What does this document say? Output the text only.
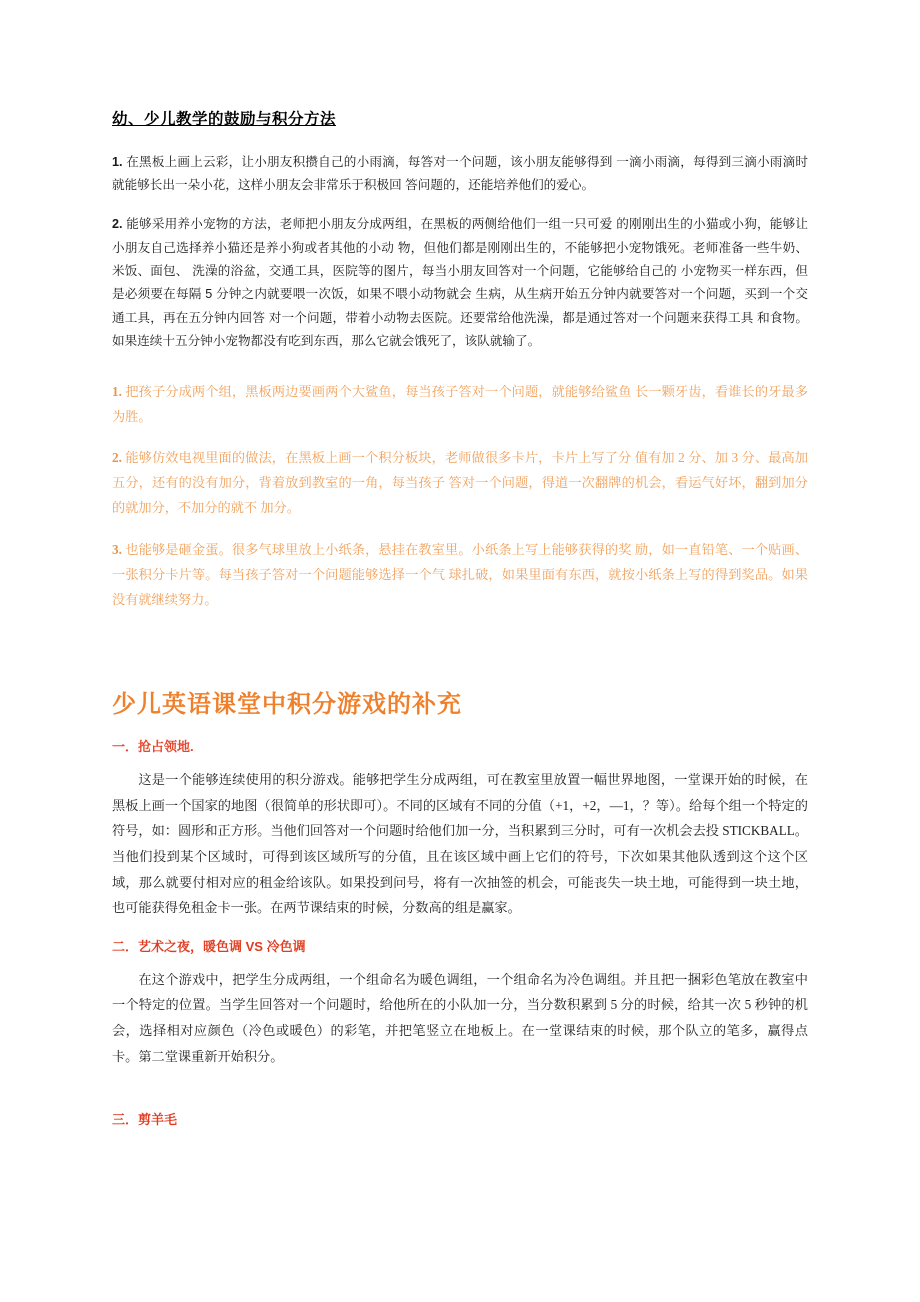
幼、少儿教学的鼓励与积分方法

1. 在黑板上画上云彩，让小朋友积攒自己的小雨滴，每答对一个问题，该小朋友能够得到 一滴小雨滴，每得到三滴小雨滴时就能够长出一朵小花，这样小朋友会非常乐于积极回 答问题的，还能培养他们的爱心。

2. 能够采用养小宠物的方法，老师把小朋友分成两组，在黑板的两侧给他们一组一只可爱 的刚刚出生的小猫或小狗，能够让小朋友自己选择养小猫还是养小狗或者其他的小动 物，但他们都是刚刚出生的，不能够把小宠物饿死。老师准备一些牛奶、米饭、面包、 洗澡的浴盆，交通工具，医院等的图片，每当小朋友回答对一个问题，它能够给自己的 小宠物买一样东西，但是必须要在每隔 5 分钟之内就要喂一次饭，如果不喂小动物就会 生病，从生病开始五分钟内就要答对一个问题，买到一个交通工具，再在五分钟内回答 对一个问题，带着小动物去医院。还要常给他洗澡，都是通过答对一个问题来获得工具 和食物。如果连续十五分钟小宠物都没有吃到东西，那么它就会饿死了，该队就输了。

1. 把孩子分成两个组，黑板两边要画两个大鲨鱼，每当孩子答对一个问题，就能够给鲨鱼 长一颗牙齿，看谁长的牙最多为胜。

2. 能够仿效电视里面的做法，在黑板上画一个积分板块，老师做很多卡片，卡片上写了分 值有加 2 分、加 3 分、最高加五分，还有的没有加分，背着放到教室的一角，每当孩子 答对一个问题，得道一次翻牌的机会，看运气好坏，翻到加分的就加分，不加分的就不 加分。

3. 也能够是砸金蛋。很多气球里放上小纸条，悬挂在教室里。小纸条上写上能够获得的奖 励，如一直铅笔、一个贴画、一张积分卡片等。每当孩子答对一个问题能够选择一个气 球扎破，如果里面有东西，就按小纸条上写的得到奖品。如果没有就继续努力。

少儿英语课堂中积分游戏的补充
一．抢占领地.

这是一个能够连续使用的积分游戏。能够把学生分成两组，可在教室里放置一幅世界地图，一堂课开始的时候，在黑板上画一个国家的地图（很简单的形状即可）。不同的区域有不同的分值（+1，+2，—1，？等）。给每个组一个特定的符号，如：圆形和正方形。当他们回答对一个问题时给他们加一分，当积累到三分时，可有一次机会去投 STICKBALL。当他们投到某个区域时，可得到该区域所写的分值，且在该区域中画上它们的符号，下次如果其他队透到这个这个区域，那么就要付相对应的租金给该队。如果投到问号，将有一次抽签的机会，可能丧失一块土地，可能得到一块土地，也可能获得免租金卡一张。在两节课结束的时候，分数高的组是赢家。

二．艺术之夜，暖色调 VS 冷色调

在这个游戏中，把学生分成两组，一个组命名为暖色调组，一个组命名为冷色调组。并且把一捆彩色笔放在教室中一个特定的位置。当学生回答对一个问题时，给他所在的小队加一分，当分数积累到 5 分的时候，给其一次 5 秒钟的机会，选择相对应颜色（冷色或暖色）的彩笔，并把笔竖立在地板上。在一堂课结束的时候，那个队立的笔多，赢得点卡。第二堂课重新开始积分。

三．剪羊毛
